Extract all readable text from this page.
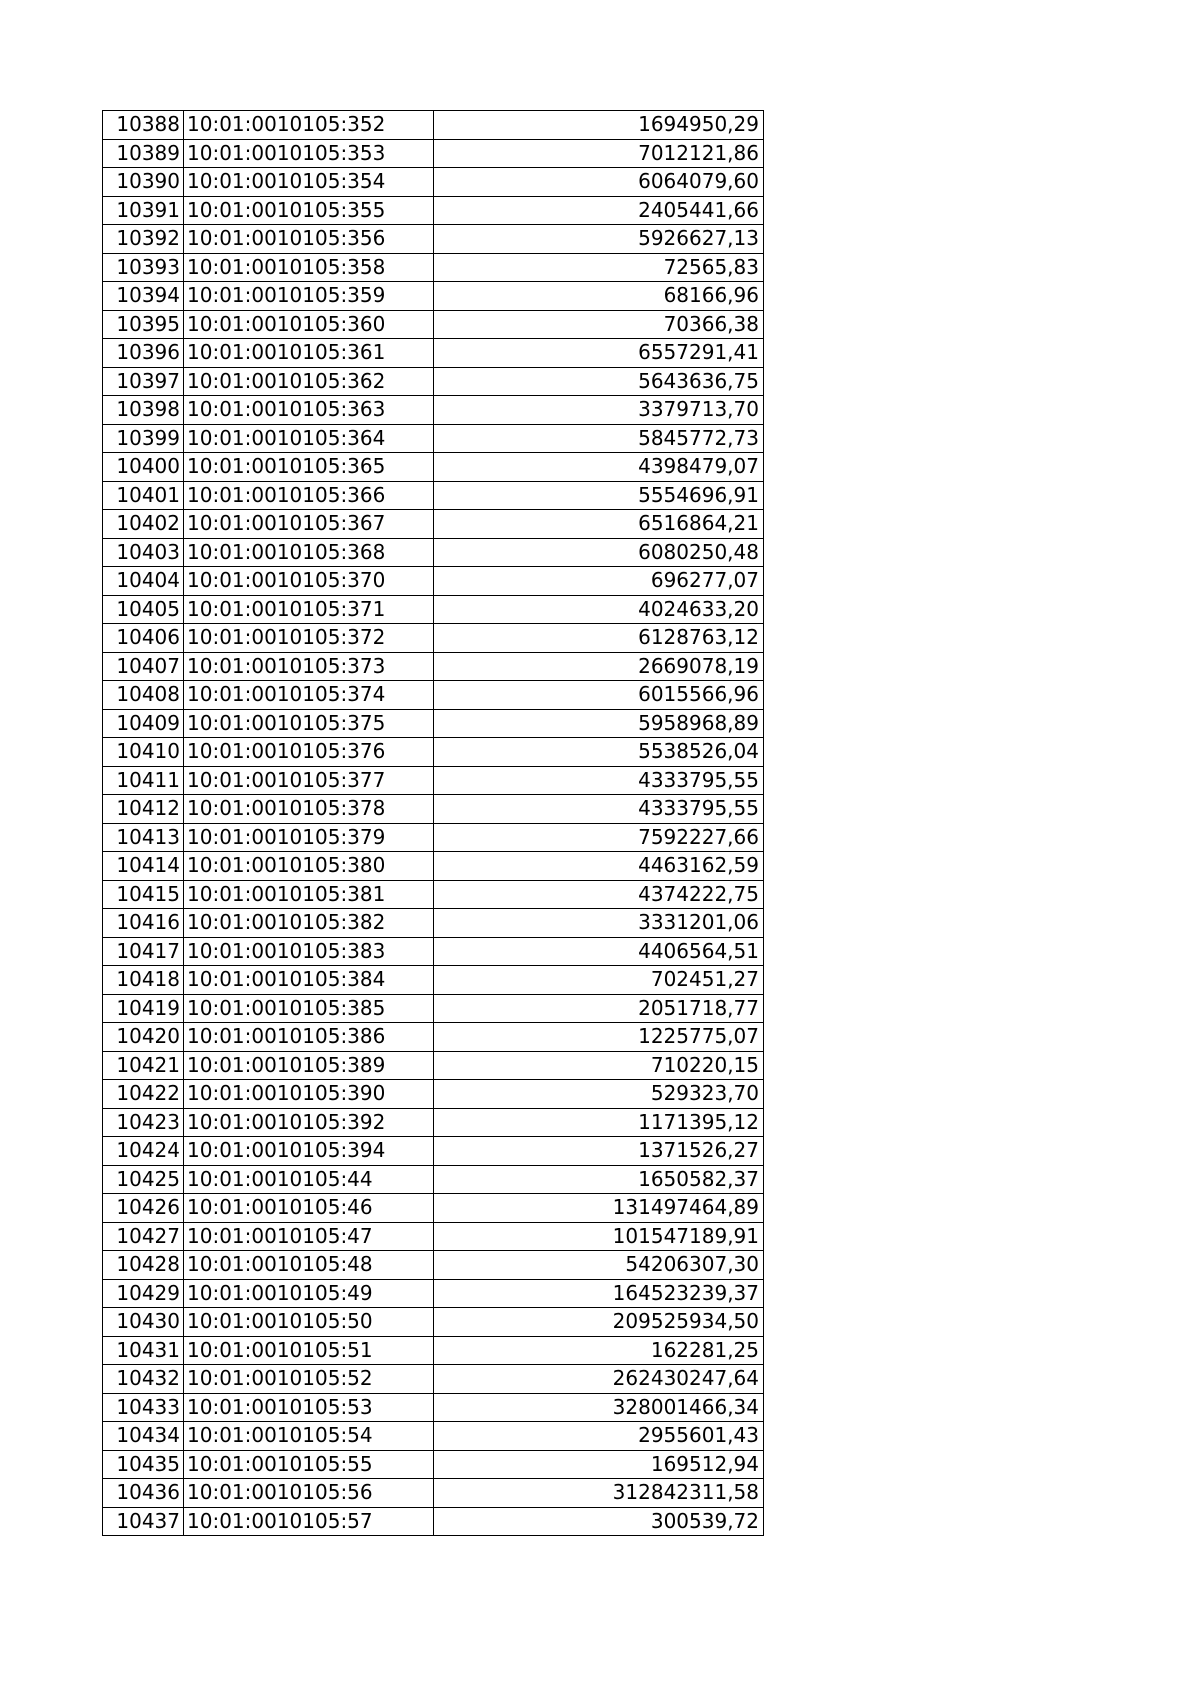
10388	10:01:0010105:352	1694950,29
10389	10:01:0010105:353	7012121,86
10390	10:01:0010105:354	6064079,60
10391	10:01:0010105:355	2405441,66
10392	10:01:0010105:356	5926627,13
10393	10:01:0010105:358	72565,83
10394	10:01:0010105:359	68166,96
10395	10:01:0010105:360	70366,38
10396	10:01:0010105:361	6557291,41
10397	10:01:0010105:362	5643636,75
10398	10:01:0010105:363	3379713,70
10399	10:01:0010105:364	5845772,73
10400	10:01:0010105:365	4398479,07
10401	10:01:0010105:366	5554696,91
10402	10:01:0010105:367	6516864,21
10403	10:01:0010105:368	6080250,48
10404	10:01:0010105:370	696277,07
10405	10:01:0010105:371	4024633,20
10406	10:01:0010105:372	6128763,12
10407	10:01:0010105:373	2669078,19
10408	10:01:0010105:374	6015566,96
10409	10:01:0010105:375	5958968,89
10410	10:01:0010105:376	5538526,04
10411	10:01:0010105:377	4333795,55
10412	10:01:0010105:378	4333795,55
10413	10:01:0010105:379	7592227,66
10414	10:01:0010105:380	4463162,59
10415	10:01:0010105:381	4374222,75
10416	10:01:0010105:382	3331201,06
10417	10:01:0010105:383	4406564,51
10418	10:01:0010105:384	702451,27
10419	10:01:0010105:385	2051718,77
10420	10:01:0010105:386	1225775,07
10421	10:01:0010105:389	710220,15
10422	10:01:0010105:390	529323,70
10423	10:01:0010105:392	1171395,12
10424	10:01:0010105:394	1371526,27
10425	10:01:0010105:44	1650582,37
10426	10:01:0010105:46	131497464,89
10427	10:01:0010105:47	101547189,91
10428	10:01:0010105:48	54206307,30
10429	10:01:0010105:49	164523239,37
10430	10:01:0010105:50	209525934,50
10431	10:01:0010105:51	162281,25
10432	10:01:0010105:52	262430247,64
10433	10:01:0010105:53	328001466,34
10434	10:01:0010105:54	2955601,43
10435	10:01:0010105:55	169512,94
10436	10:01:0010105:56	312842311,58
10437	10:01:0010105:57	300539,72
